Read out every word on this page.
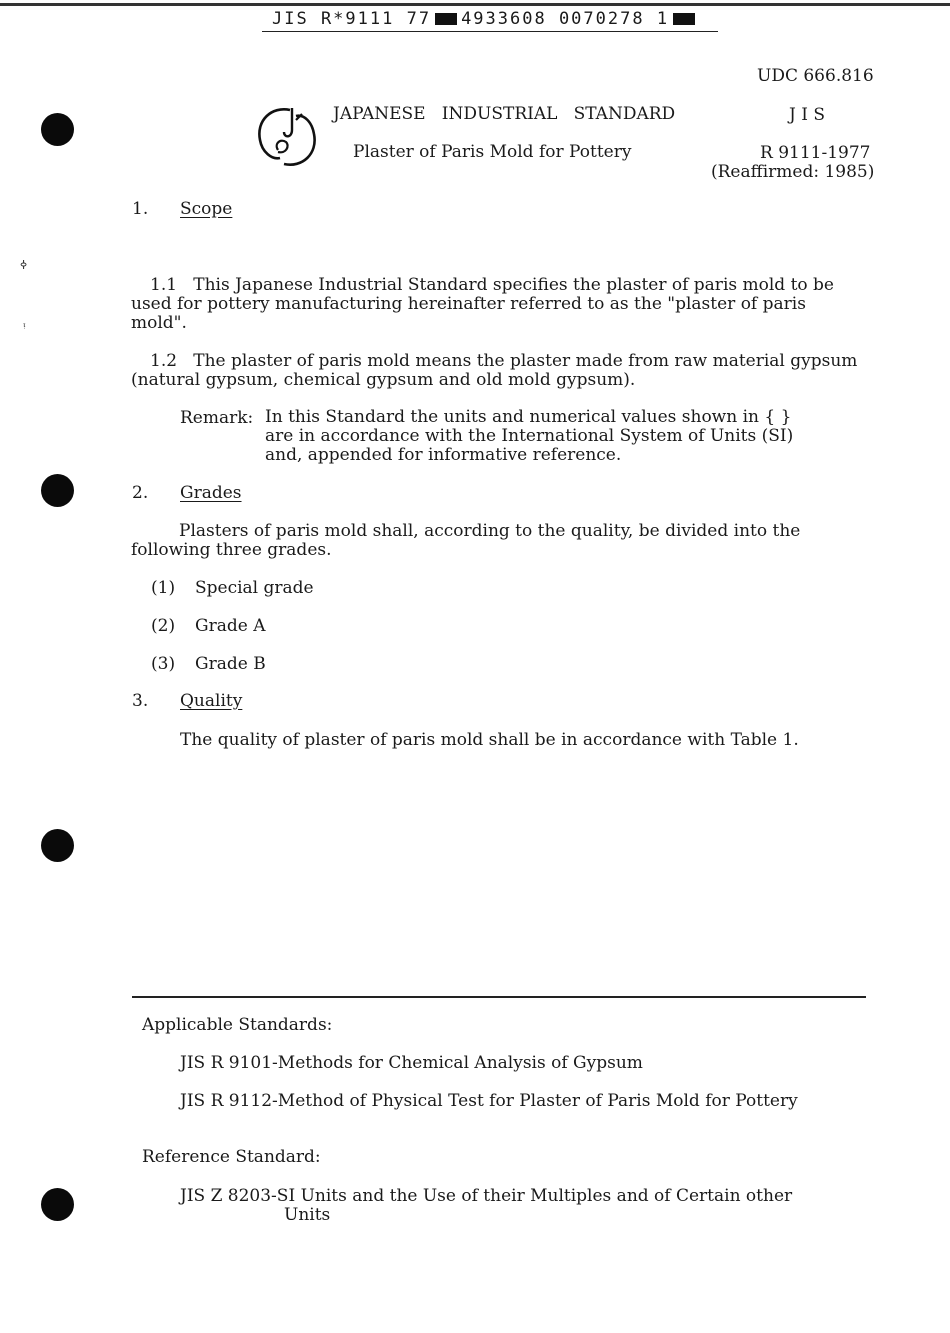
JIS R*9111 77 4933608 0070278 1
ߦ
ᵎ
UDC 666.816
JAPANESE   INDUSTRIAL   STANDARD	J I S
Plaster of Paris Mold for Pottery	R 9111-1977
(Reaffirmed: 1985)
1. Scope
1.1 This Japanese Industrial Standard specifies the plaster of paris mold to be used for pottery manufacturing hereinafter referred to as the "plaster of paris mold".
1.2 The plaster of paris mold means the plaster made from raw material gypsum (natural gypsum, chemical gypsum and old mold gypsum).
Remark: In this Standard the units and numerical values shown in { } are in accordance with the International System of Units (SI) and, appended for informative reference.
2. Grades
Plasters of paris mold shall, according to the quality, be divided into the following three grades.
(1) Special grade
(2) Grade A
(3) Grade B
3. Quality
The quality of plaster of paris mold shall be in accordance with Table 1.
Applicable Standards:
JIS R 9101-Methods for Chemical Analysis of Gypsum
JIS R 9112-Method of Physical Test for Plaster of Paris Mold for Pottery
Reference Standard:
JIS Z 8203-SI Units and the Use of their Multiples and of Certain other
Units
